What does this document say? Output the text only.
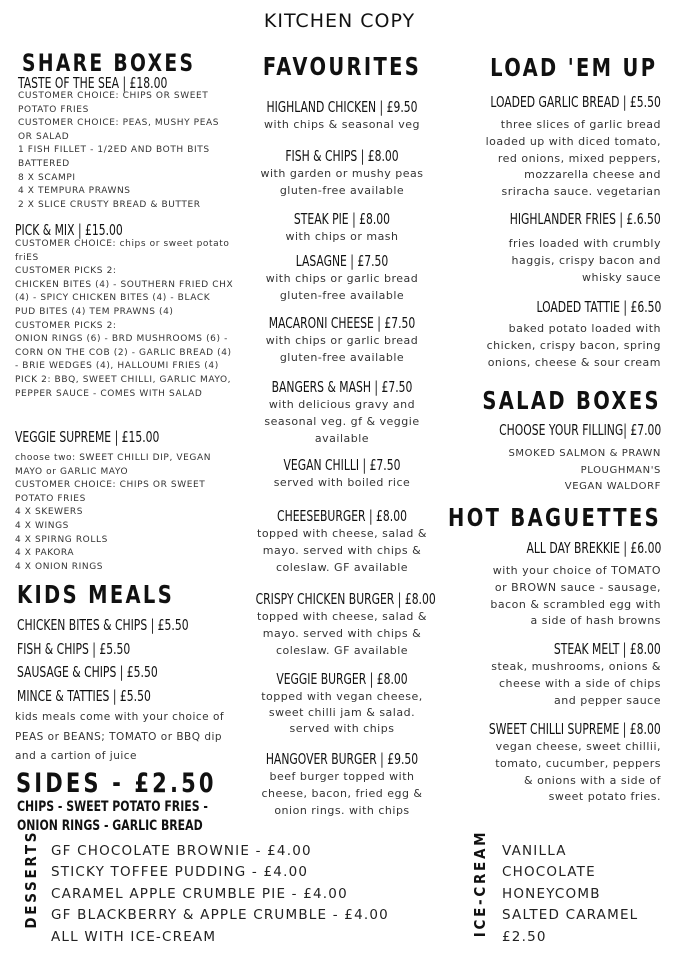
KITCHEN COPY
SHARE BOXES
TASTE OF THE SEA | £18.00
CUSTOMER CHOICE: CHIPS OR SWEET
POTATO FRIES
CUSTOMER CHOICE: PEAS, MUSHY PEAS
OR SALAD
1 FISH FILLET - 1/2ED AND BOTH BITS
BATTERED
8 X SCAMPI
4 X TEMPURA PRAWNS
2 X SLICE CRUSTY BREAD & BUTTER
PICK & MIX | £15.00
CUSTOMER CHOICE: chips or sweet potato
friES
CUSTOMER PICKS 2:
CHICKEN BITES (4) - SOUTHERN FRIED CHX
(4) - SPICY CHICKEN BITES (4) - BLACK
PUD BITES (4) TEM PRAWNS (4)
CUSTOMER PICKS 2:
ONION RINGS (6) - BRD MUSHROOMS (6) -
CORN ON THE COB (2) - GARLIC BREAD (4)
- BRIE WEDGES (4), HALLOUMI FRIES (4)
PICK 2: BBQ, SWEET CHILLI, GARLIC MAYO,
PEPPER SAUCE - COMES WITH SALAD
VEGGIE SUPREME | £15.00
choose two: SWEET CHILLI DIP, VEGAN
MAYO or GARLIC MAYO
CUSTOMER CHOICE: CHIPS OR SWEET
POTATO FRIES
4 X SKEWERS
4 X WINGS
4 X SPIRNG ROLLS
4 X PAKORA
4 X ONION RINGS
KIDS MEALS
CHICKEN BITES & CHIPS | £5.50
FISH & CHIPS | £5.50
SAUSAGE & CHIPS | £5.50
MINCE & TATTIES | £5.50
kids meals come with your choice of
PEAS or BEANS; TOMATO or BBQ dip
and a cartion of juice
SIDES - £2.50
CHIPS - SWEET POTATO FRIES -
ONION RINGS - GARLIC BREAD
FAVOURITES
HIGHLAND CHICKEN | £9.50
with chips & seasonal veg
FISH & CHIPS | £8.00
with garden or mushy peas
gluten-free available
STEAK PIE | £8.00
with chips or mash
LASAGNE | £7.50
with chips or garlic bread
gluten-free available
MACARONI CHEESE | £7.50
with chips or garlic bread
gluten-free available
BANGERS & MASH | £7.50
with delicious gravy and
seasonal veg. gf & veggie
available
VEGAN CHILLI | £7.50
served with boiled rice
CHEESEBURGER | £8.00
topped with cheese, salad &
mayo. served with chips &
coleslaw. GF available
CRISPY CHICKEN BURGER | £8.00
topped with cheese, salad &
mayo. served with chips &
coleslaw. GF available
VEGGIE BURGER | £8.00
topped with vegan cheese,
sweet chilli jam & salad.
served with chips
HANGOVER BURGER | £9.50
beef burger topped with
cheese, bacon, fried egg &
onion rings. with chips
LOAD 'EM UP
LOADED GARLIC BREAD | £5.50
three slices of garlic bread
loaded up with diced tomato,
red onions, mixed peppers,
mozzarella cheese and
sriracha sauce. vegetarian
HIGHLANDER FRIES | £.6.50
fries loaded with crumbly
haggis, crispy bacon and
whisky sauce
LOADED TATTIE | £6.50
baked potato loaded with
chicken, crispy bacon, spring
onions, cheese & sour cream
SALAD BOXES
CHOOSE YOUR FILLING| £7.00
SMOKED SALMON & PRAWN
PLOUGHMAN'S
VEGAN WALDORF
HOT BAGUETTES
ALL DAY BREKKIE | £6.00
with your choice of TOMATO
or BROWN sauce - sausage,
bacon & scrambled egg with
a side of hash browns
STEAK MELT | £8.00
steak, mushrooms, onions &
cheese with a side of chips
and pepper sauce
SWEET CHILLI SUPREME | £8.00
vegan cheese, sweet chillii,
tomato, cucumber, peppers
& onions with a side of
sweet potato fries.
DESSERTS GF CHOCOLATE BROWNIE - £4.00
STICKY TOFFEE PUDDING - £4.00
CARAMEL APPLE CRUMBLE PIE - £4.00
GF BLACKBERRY & APPLE CRUMBLE - £4.00
ALL WITH ICE-CREAM	ICE-CREAM VANILLA
CHOCOLATE
HONEYCOMB
SALTED CARAMEL
£2.50
